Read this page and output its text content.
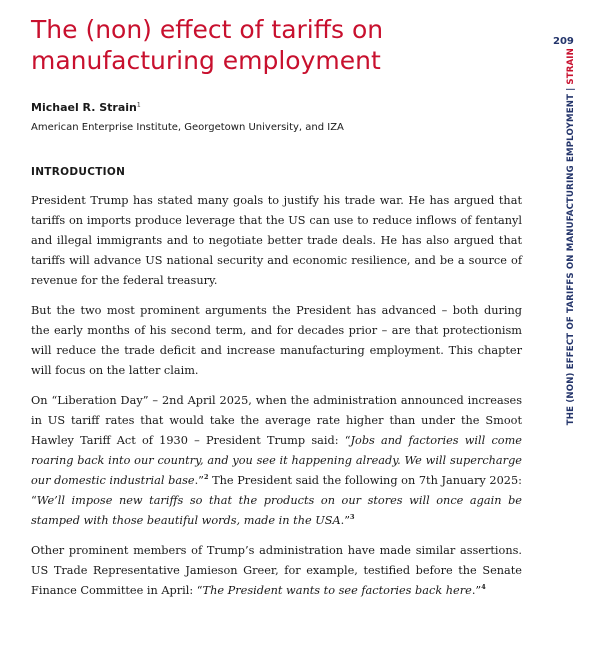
The (non) effect of tariffs on manufacturing employment
209
THE (NON) EFFECT OF TARIFFS ON MANUFACTURING EMPLOYMENT|STRAIN
Michael R. Strain$^1$
American Enterprise Institute, Georgetown University, and IZA
INTRODUCTION

President Trump has stated many goals to justify his trade war. He has argued that tariffs on imports produce leverage that the US can use to reduce inflows of fentanyl and illegal immigrants and to negotiate better trade deals. He has also argued that tariffs will advance US national security and economic resilience, and be a source of revenue for the federal treasury.

But the two most prominent arguments the President has advanced – both during the early months of his second term, and for decades prior – are that protectionism will reduce the trade deficit and increase manufacturing employment. This chapter will focus on the latter claim.

On “Liberation Day” – 2nd April 2025, when the administration announced increases in US tariff rates that would take the average rate higher than under the Smoot Hawley Tariff Act of 1930 – President Trump said: “Jobs and factories will come roaring back into our country, and you see it happening already. We will supercharge our domestic industrial base.”$^2$ The President said the following on 7th January 2025: “We’ll impose new tariffs so that the products on our stores will once again be stamped with those beautiful words, made in the USA.”$^3$

Other prominent members of Trump’s administration have made similar assertions. US Trade Representative Jamieson Greer, for example, testified before the Senate Finance Committee in April: “The President wants to see factories back here.”$^4$
